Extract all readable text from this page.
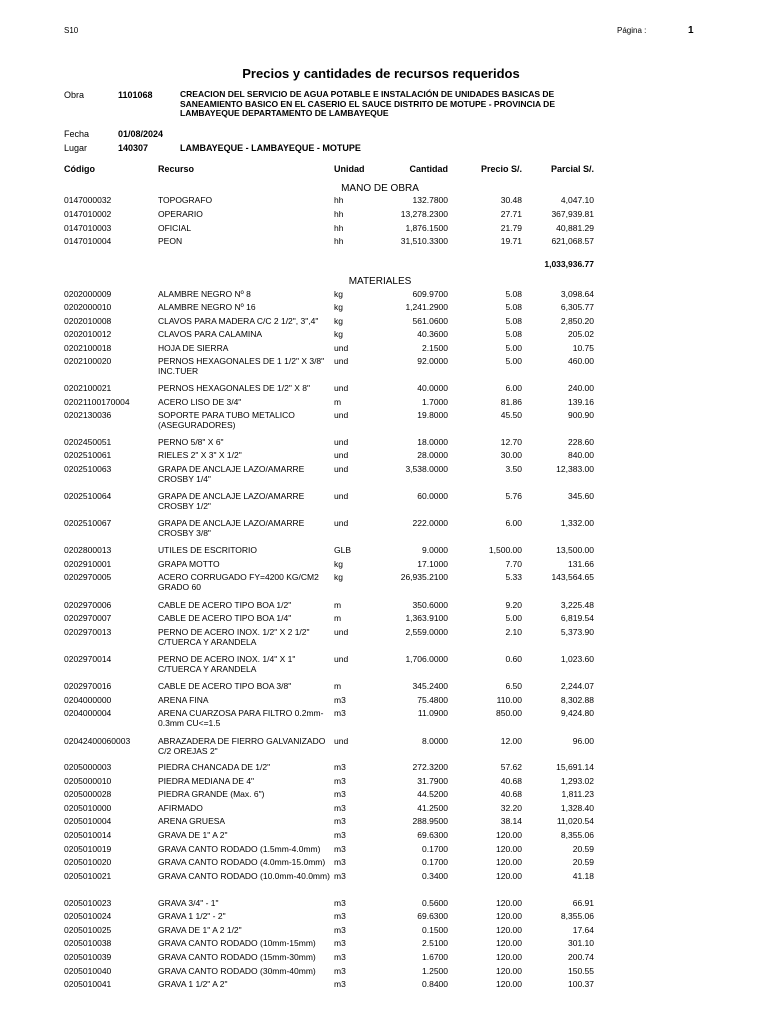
S10	Página :	1
Precios y cantidades de recursos requeridos
Obra	1101068	CREACION DEL SERVICIO DE AGUA POTABLE E INSTALACIÓN DE UNIDADES BASICAS DE SANEAMIENTO BASICO EN EL CASERIO EL SAUCE DISTRITO DE MOTUPE - PROVINCIA DE LAMBAYEQUE DEPARTAMENTO DE LAMBAYEQUE
Fecha	01/08/2024
Lugar	140307	LAMBAYEQUE - LAMBAYEQUE - MOTUPE
Código	Recurso	Unidad	Cantidad	Precio S/.	Parcial S/.
MANO DE OBRA
0147000032	TOPOGRAFO	hh	132.7800	30.48	4,047.10
0147010002	OPERARIO	hh	13,278.2300	27.71	367,939.81
0147010003	OFICIAL	hh	1,876.1500	21.79	40,881.29
0147010004	PEON	hh	31,510.3300	19.71	621,068.57
1,033,936.77
MATERIALES
0202000009	ALAMBRE NEGRO Nº 8	kg	609.9700	5.08	3,098.64
0202000010	ALAMBRE NEGRO Nº 16	kg	1,241.2900	5.08	6,305.77
0202010008	CLAVOS PARA MADERA C/C 2 1/2", 3",4"	kg	561.0600	5.08	2,850.20
0202010012	CLAVOS PARA CALAMINA	kg	40.3600	5.08	205.02
0202100018	HOJA DE SIERRA	und	2.1500	5.00	10.75
0202100020	PERNOS HEXAGONALES DE 1 1/2" X 3/8" INC.TUER
und	92.0000	5.00	460.00
0202100021	PERNOS HEXAGONALES DE 1/2" X 8"	und	40.0000	6.00	240.00
02021100170004	ACERO LISO DE 3/4"	m	1.7000	81.86	139.16
0202130036	SOPORTE PARA TUBO METALICO (ASEGURADORES)
und	19.8000	45.50	900.90
0202450051	PERNO 5/8" X 6"	und	18.0000	12.70	228.60
0202510061	RIELES 2" X 3" X 1/2"	und	28.0000	30.00	840.00
0202510063	GRAPA DE ANCLAJE LAZO/AMARRE CROSBY 1/4"
und	3,538.0000	3.50	12,383.00
0202510064	GRAPA DE ANCLAJE LAZO/AMARRE CROSBY 1/2"
und	60.0000	5.76	345.60
0202510067	GRAPA DE ANCLAJE LAZO/AMARRE CROSBY 3/8"
und	222.0000	6.00	1,332.00
0202800013	UTILES DE ESCRITORIO	GLB	9.0000	1,500.00	13,500.00
0202910001	GRAPA MOTTO	kg	17.1000	7.70	131.66
0202970005	ACERO CORRUGADO FY=4200 KG/CM2 GRADO 60
kg	26,935.2100	5.33	143,564.65
0202970006	CABLE DE ACERO TIPO BOA 1/2"	m	350.6000	9.20	3,225.48
0202970007	CABLE DE ACERO TIPO BOA 1/4"	m	1,363.9100	5.00	6,819.54
0202970013	PERNO DE ACERO INOX. 1/2" X 2 1/2" C/TUERCA Y ARANDELA
und	2,559.0000	2.10	5,373.90
0202970014	PERNO DE ACERO INOX. 1/4" X 1" C/TUERCA Y ARANDELA
und	1,706.0000	0.60	1,023.60
0202970016	CABLE DE ACERO TIPO BOA 3/8"	m	345.2400	6.50	2,244.07
0204000000	ARENA FINA	m3	75.4800	110.00	8,302.88
0204000004	ARENA CUARZOSA PARA FILTRO 0.2mm-0.3mm CU<=1.5
m3	11.0900	850.00	9,424.80
02042400060003	ABRAZADERA DE FIERRO GALVANIZADO C/2 OREJAS 2"
und	8.0000	12.00	96.00
0205000003	PIEDRA CHANCADA DE 1/2"	m3	272.3200	57.62	15,691.14
0205000010	PIEDRA MEDIANA DE 4"	m3	31.7900	40.68	1,293.02
0205000028	PIEDRA GRANDE (Max. 6")	m3	44.5200	40.68	1,811.23
0205010000	AFIRMADO	m3	41.2500	32.20	1,328.40
0205010004	ARENA GRUESA	m3	288.9500	38.14	11,020.54
0205010014	GRAVA DE 1" A 2"	m3	69.6300	120.00	8,355.06
0205010019	GRAVA CANTO RODADO (1.5mm-4.0mm)	m3	0.1700	120.00	20.59
0205010020	GRAVA CANTO RODADO (4.0mm-15.0mm)	m3	0.1700	120.00	20.59
0205010021	GRAVA CANTO RODADO (10.0mm-40.0mm) m3	0.3400	120.00	41.18
0205010023	GRAVA 3/4" - 1"	m3	0.5600	120.00	66.91
0205010024	GRAVA 1 1/2" - 2"	m3	69.6300	120.00	8,355.06
0205010025	GRAVA DE 1" A 2 1/2"	m3	0.1500	120.00	17.64
0205010038	GRAVA CANTO RODADO (10mm-15mm)	m3	2.5100	120.00	301.10
0205010039	GRAVA CANTO RODADO (15mm-30mm)	m3	1.6700	120.00	200.74
0205010040	GRAVA CANTO RODADO (30mm-40mm)	m3	1.2500	120.00	150.55
0205010041	GRAVA 1 1/2" A 2"	m3	0.8400	120.00	100.37
